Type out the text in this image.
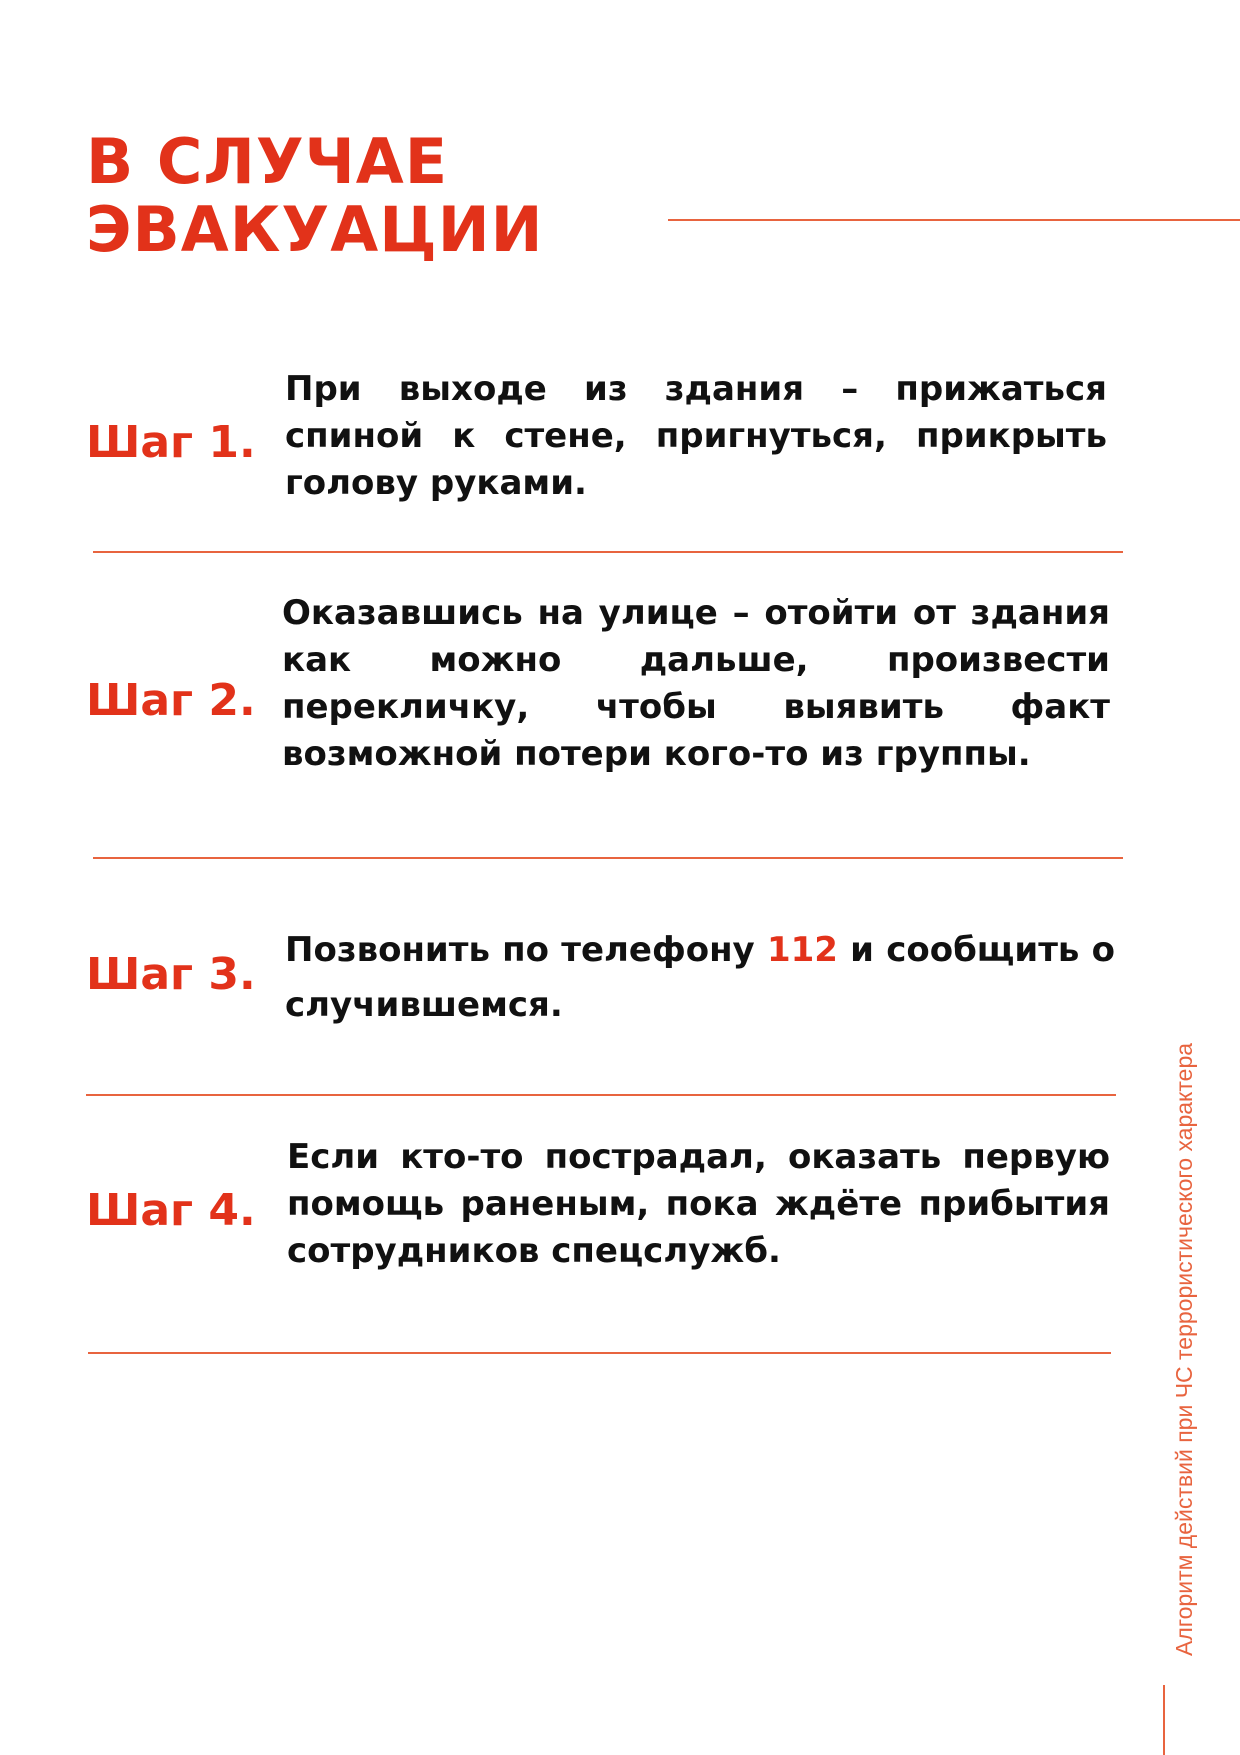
В СЛУЧАЕ
ЭВАКУАЦИИ
Шаг 1.

При выходе из здания – прижаться спиной к стене, пригнуться, прикрыть голову руками.

Шаг 2.

Оказавшись на улице – отойти от здания как можно дальше, произвести перекличку, чтобы выявить факт возможной потери кого-то из группы.

Шаг 3. Позвонить по телефону 112 и сообщить о случившемся.

Шаг 4.

Если кто-то пострадал, оказать первую помощь раненым, пока ждёте прибытия сотрудников спецслужб.	Алгоритм действий при ЧС террористического характера
